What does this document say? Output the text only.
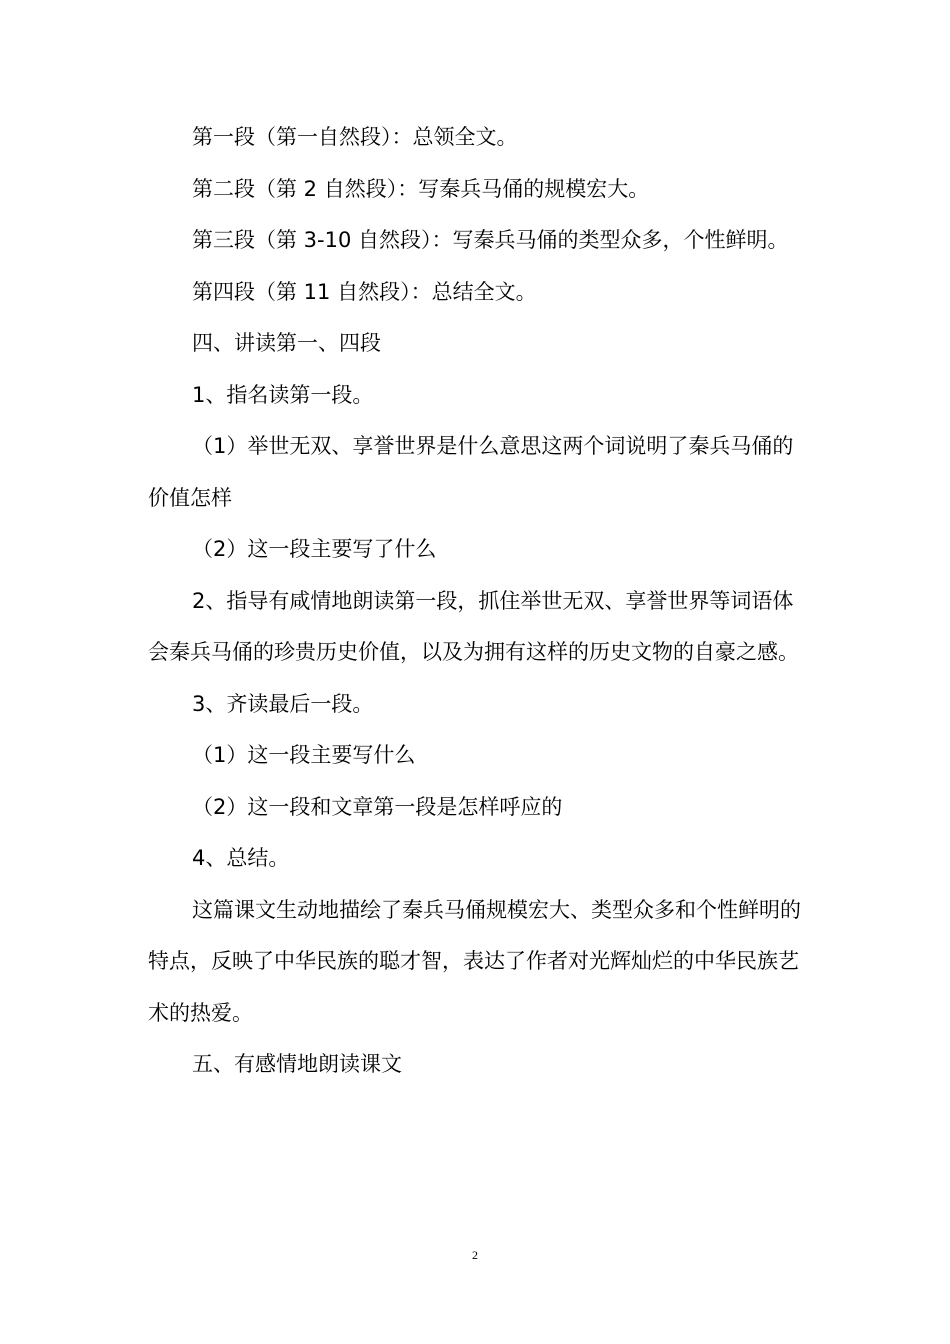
第一段（第一自然段）：总领全文。

第二段（第 2 自然段）：写秦兵马俑的规模宏大。

第三段（第 3-10 自然段）：写秦兵马俑的类型众多，个性鲜明。

第四段（第 11 自然段）：总结全文。

四、讲读第一、四段

1、指名读第一段。

（1）举世无双、享誉世界是什么意思这两个词说明了秦兵马俑的价值怎样

（2）这一段主要写了什么

2、指导有咸情地朗读第一段，抓住举世无双、享誉世界等词语体会秦兵马俑的珍贵历史价值，以及为拥有这样的历史文物的自豪之感。

3、齐读最后一段。

（1）这一段主要写什么

（2）这一段和文章第一段是怎样呼应的

4、总结。

这篇课文生动地描绘了秦兵马俑规模宏大、类型众多和个性鲜明的特点，反映了中华民族的聪才智，表达了作者对光辉灿烂的中华民族艺术的热爱。

五、有感情地朗读课文

2
